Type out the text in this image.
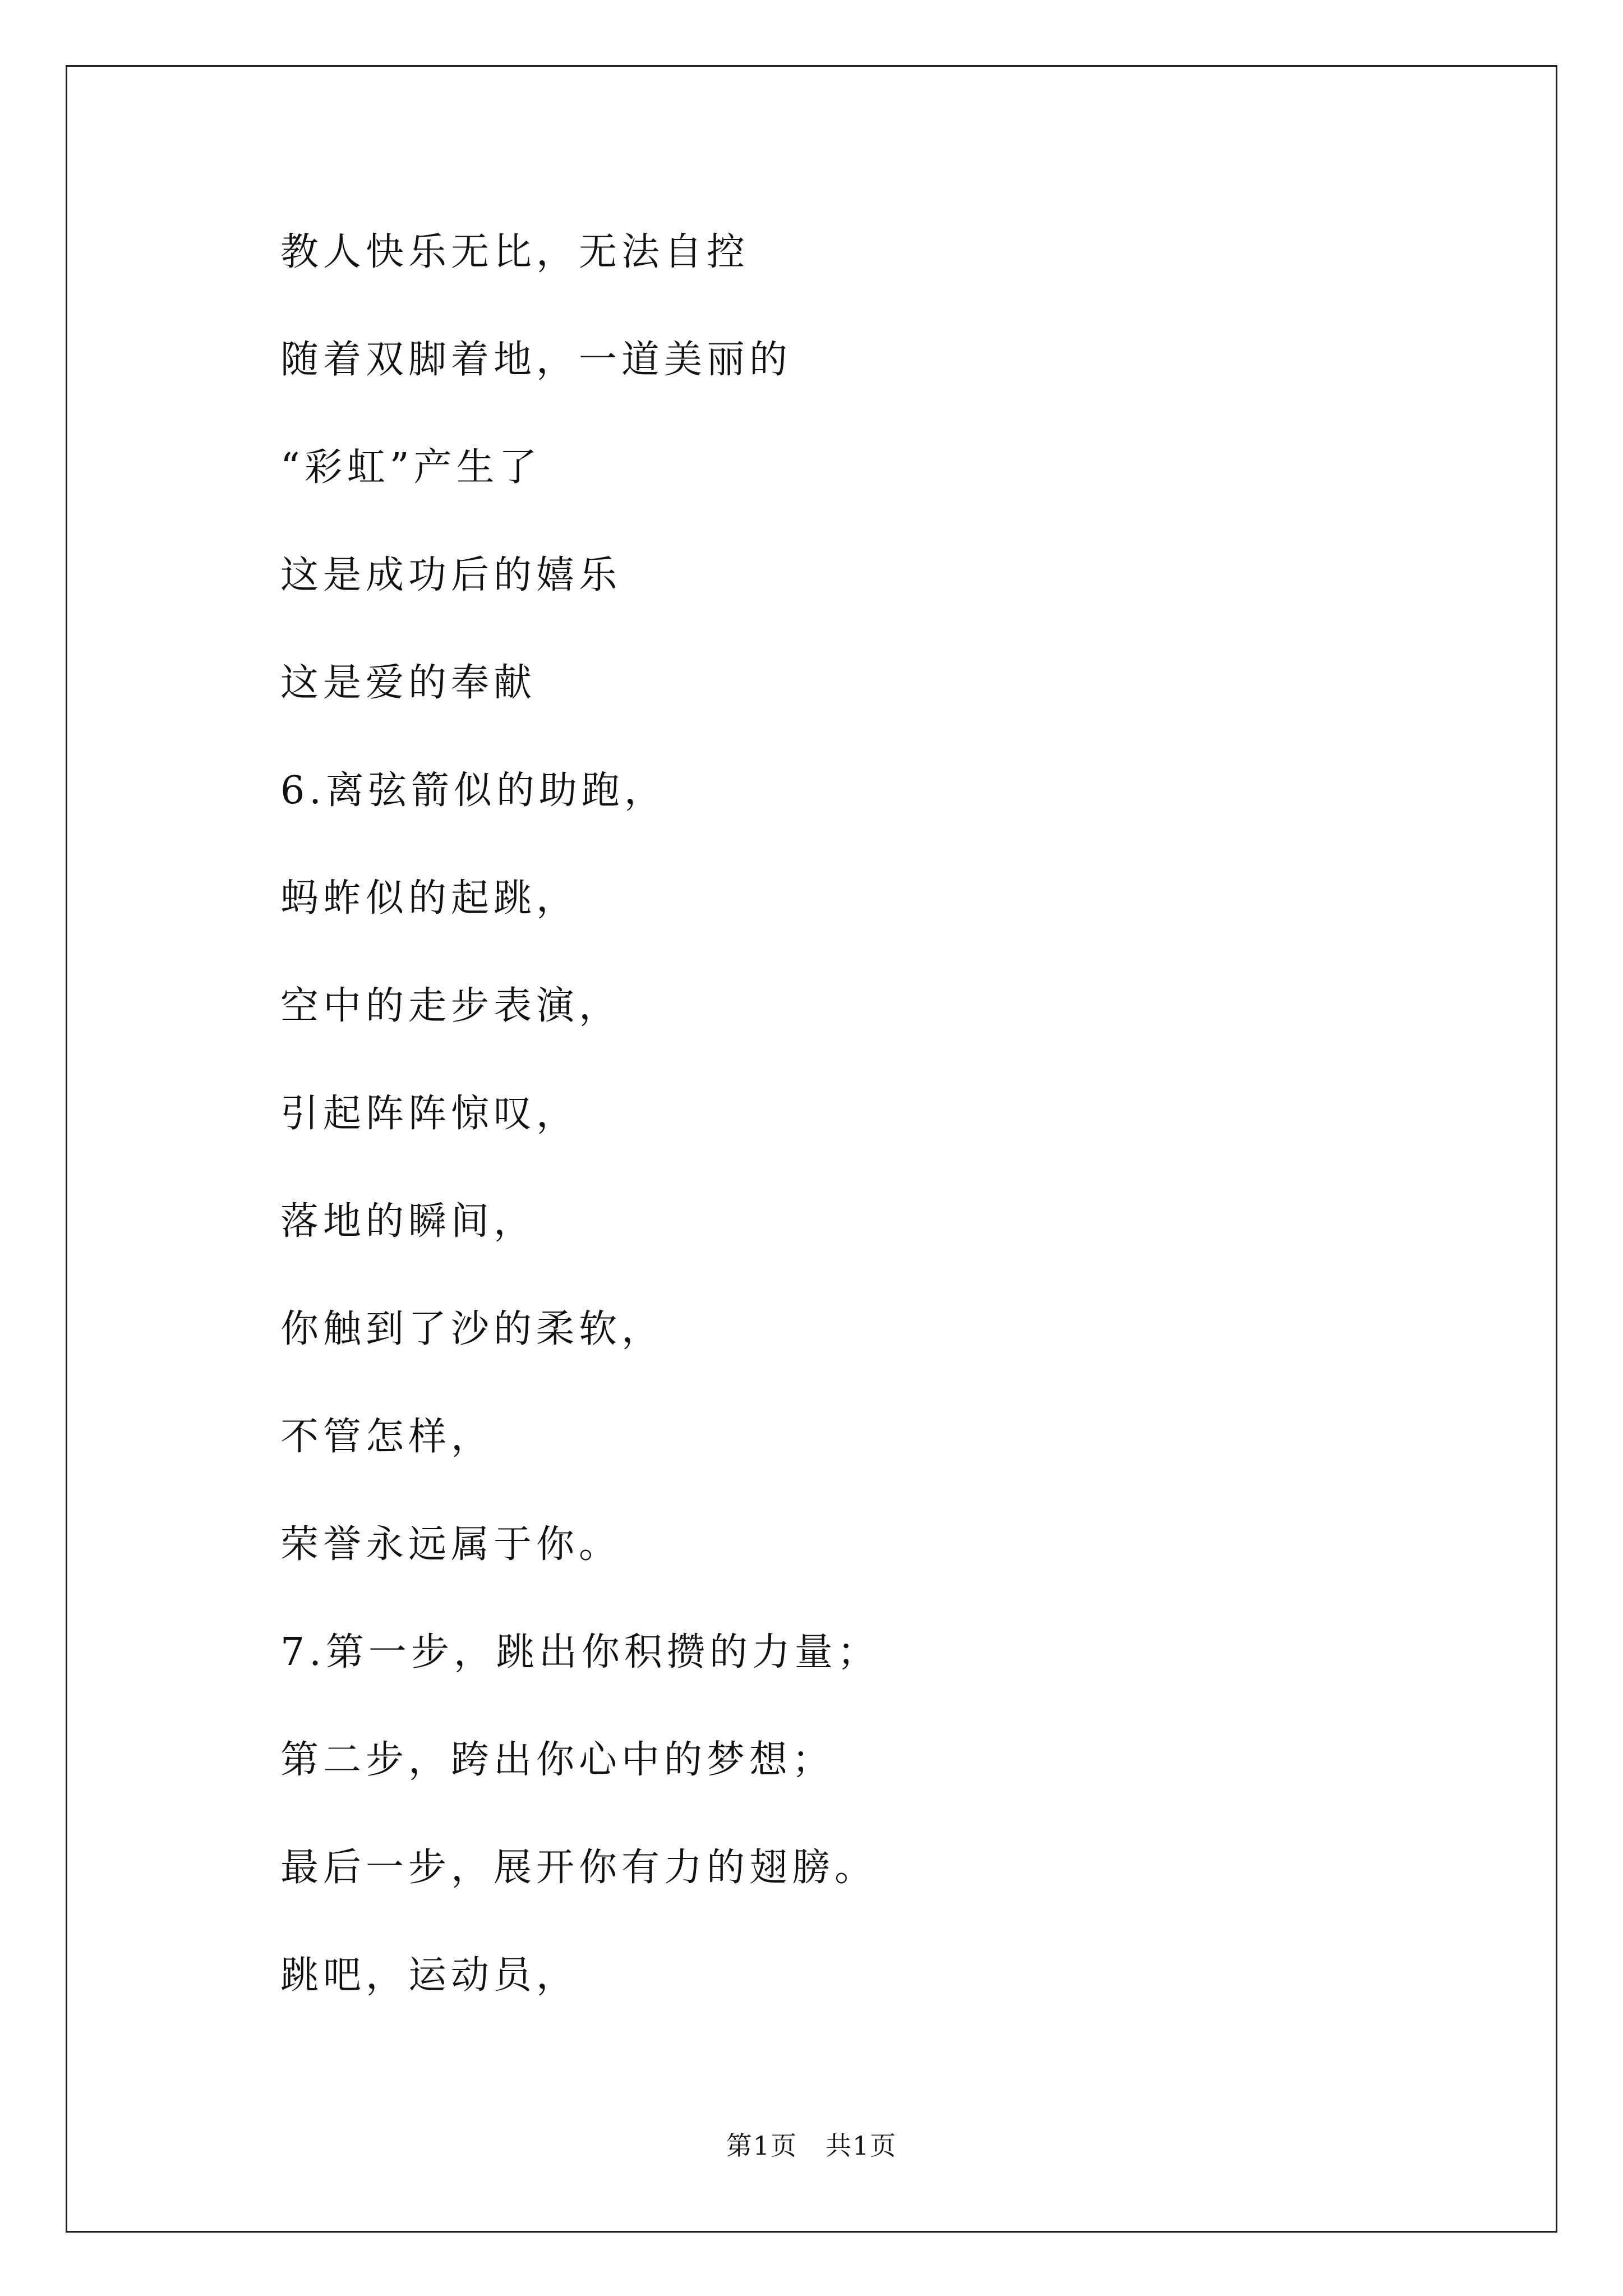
教人快乐无比，无法自控
随着双脚着地，一道美丽的
“彩虹”产生了
这是成功后的嬉乐
这是爱的奉献
6.离弦箭似的助跑，
蚂蚱似的起跳，
空中的走步表演，
引起阵阵惊叹，
落地的瞬间，
你触到了沙的柔软，
不管怎样，
荣誉永远属于你。
7.第一步，跳出你积攒的力量；
第二步，跨出你心中的梦想；
最后一步，展开你有力的翅膀。
跳吧，运动员，
第1页 共1页
